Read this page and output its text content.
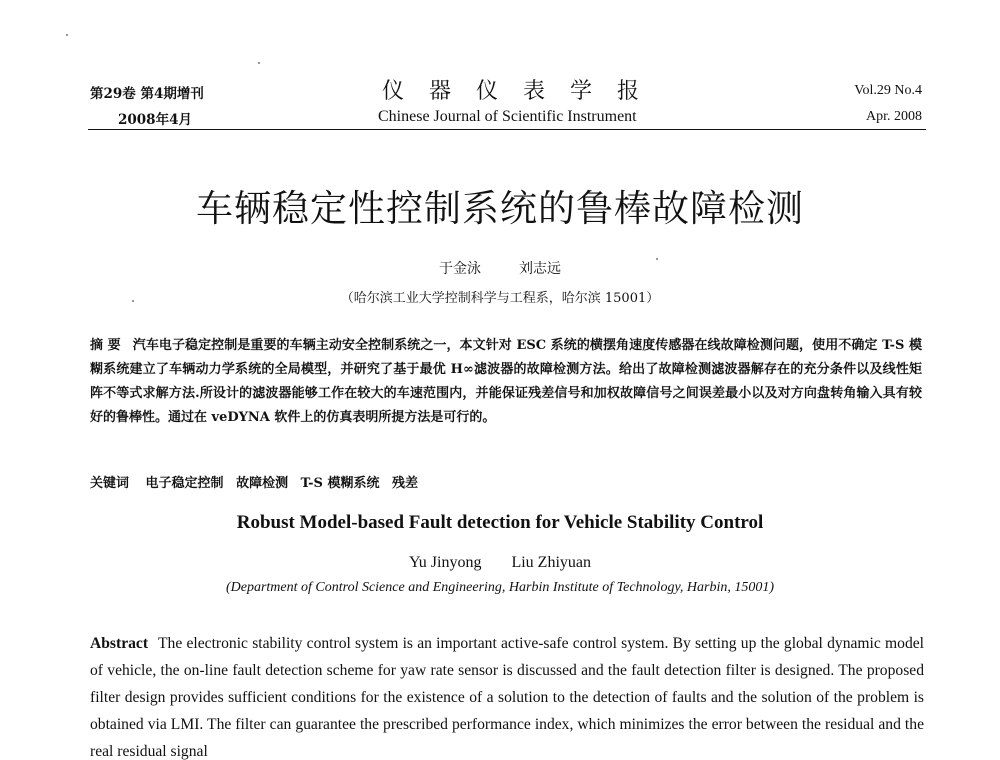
第29卷 第4期增刊
2008年4月
仪器仪表学报
Chinese Journal of Scientific Instrument
Vol.29 No.4
Apr. 2008
车辆稳定性控制系统的鲁棒故障检测
于金泳	刘志远
（哈尔滨工业大学控制科学与工程系，哈尔滨 15001）
摘 要 汽车电子稳定控制是重要的车辆主动安全控制系统之一，本文针对 ESC 系统的横摆角速度传感器在线故障检测问题，使用不确定 T-S 模糊系统建立了车辆动力学系统的全局模型，并研究了基于最优 H∞滤波器的故障检测方法。给出了故障检测滤波器解存在的充分条件以及线性矩阵不等式求解方法.所设计的滤波器能够工作在较大的车速范围内，并能保证残差信号和加权故障信号之间误差最小以及对方向盘转角输入具有较好的鲁棒性。通过在 veDYNA 软件上的仿真表明所提方法是可行的。
关键词 电子稳定控制 故障检测 T-S 模糊系统 残差
Robust Model-based Fault detection for Vehicle Stability Control
Yu Jinyong Liu Zhiyuan
(Department of Control Science and Engineering, Harbin Institute of Technology, Harbin, 15001)
Abstract The electronic stability control system is an important active-safe control system. By setting up the global dynamic model of vehicle, the on-line fault detection scheme for yaw rate sensor is discussed and the fault detection filter is designed. The proposed filter design provides sufficient conditions for the existence of a solution to the detection of faults and the solution of the problem is obtained via LMI. The filter can guarantee the prescribed performance index, which minimizes the error between the residual and the real residual signal
